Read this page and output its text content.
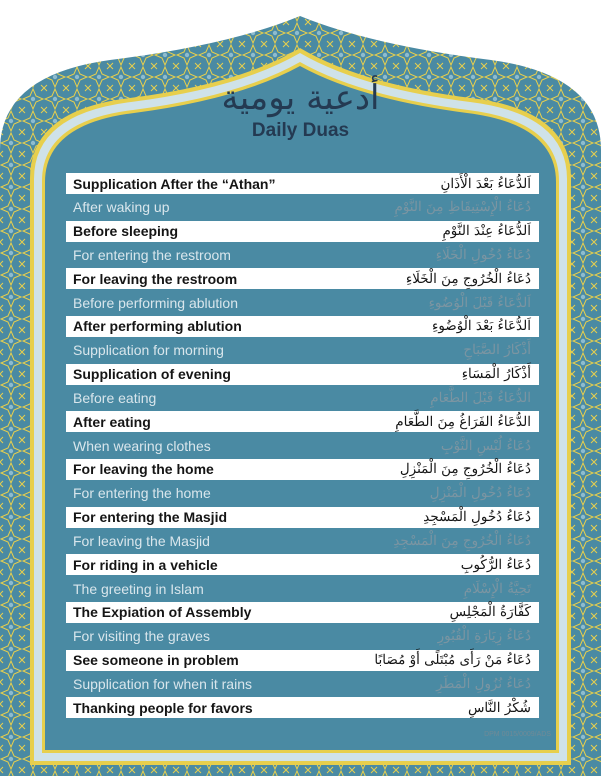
أدعية يومية
Daily Duas
Supplication After the “Athan”	اَلدُّعَاءُ بَعْدَ الْأَذَانِ
After waking up	دُعَاءُ الْإِسْتِيقَاظِ مِنَ النَّوْمِ
Before sleeping	اَلدُّعَاءُ عِنْدَ النَّوْمِ
For entering the restroom	دُعَاءُ دُخُولِ الْخَلَاءِ
For leaving the restroom	دُعَاءُ الْخُرُوجِ مِنَ الْخَلَاءِ
Before performing ablution	اَلدُّعَاءُ قَبْلَ الْوُضُوءِ
After performing ablution	اَلدُّعَاءُ بَعْدَ الْوُضُوءِ
Supplication for morning	أَذْكَارُ الصَّبَاحِ
Supplication of evening	أَذْكَارُ الْمَسَاءِ
Before eating	الدُّعَاءُ قَبْلَ الطَّعَامِ
After eating	الدُّعَاءُ الفَرَاغُ مِنَ الطَّعَامِ
When wearing clothes	دُعَاءُ لُبْسِ الثَّوْبِ
For leaving the home	دُعَاءُ الْخُرُوجِ مِنَ الْمَنْزِلِ
For entering the home	دُعَاءُ دُخُولِ الْمَنْزِلِ
For entering the Masjid	دُعَاءُ دُخُولِ الْمَسْجِدِ
For leaving the Masjid	دُعَاءُ الْخُرُوجِ مِنَ الْمَسْجِدِ
For riding in a vehicle	دُعَاءُ الرُّكُوبِ
The greeting in Islam	تَحِيَّةُ الْإِسْلَامِ
The Expiation of Assembly	كَفَّارَةُ الْمَجْلِسِ
For visiting the graves	دُعَاءُ زِيَارَةِ الْقُبُورِ
See someone in problem	دُعَاءُ مَنْ رَأَى مُبْتَلًى أَوْ مُصَابًا
Supplication for when it rains	دُعَاءُ نُزُولِ الْمَطَرِ
Thanking people for favors	شُكْرُ النَّاسِ
DPM 0015/0009/ADS
